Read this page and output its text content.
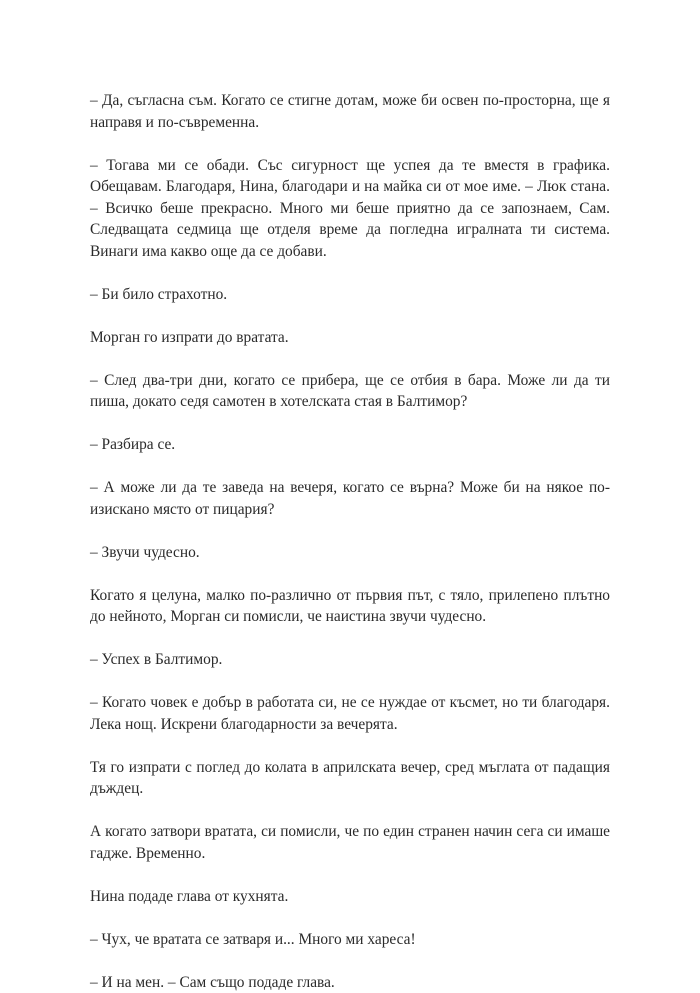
– Да, съгласна съм. Когато се стигне дотам, може би освен по-просторна, ще я направя и по-съвременна.

– Тогава ми се обади. Със сигурност ще успея да те вместя в графика. Обещавам. Благодаря, Нина, благодари и на майка си от мое име. – Люк стана. – Всичко беше прекрасно. Много ми беше приятно да се запознаем, Сам. Следващата седмица ще отделя време да погледна игралната ти система. Винаги има какво още да се добави.

– Би било страхотно.

Морган го изпрати до вратата.

– След два-три дни, когато се прибера, ще се отбия в бара. Може ли да ти пиша, докато седя самотен в хотелската стая в Балтимор?

– Разбира се.

– А може ли да те заведа на вечеря, когато се върна? Може би на някое по-изискано място от пицария?

– Звучи чудесно.

Когато я целуна, малко по-различно от първия път, с тяло, прилепено плътно до нейното, Морган си помисли, че наистина звучи чудесно.

– Успех в Балтимор.

– Когато човек е добър в работата си, не се нуждае от късмет, но ти благодаря. Лека нощ. Искрени благодарности за вечерята.

Тя го изпрати с поглед до колата в априлската вечер, сред мъглата от падащия дъждец.

А когато затвори вратата, си помисли, че по един странен начин сега си имаше гадже. Временно.

Нина подаде глава от кухнята.

– Чух, че вратата се затваря и... Много ми хареса!

– И на мен. – Сам също подаде глава.
